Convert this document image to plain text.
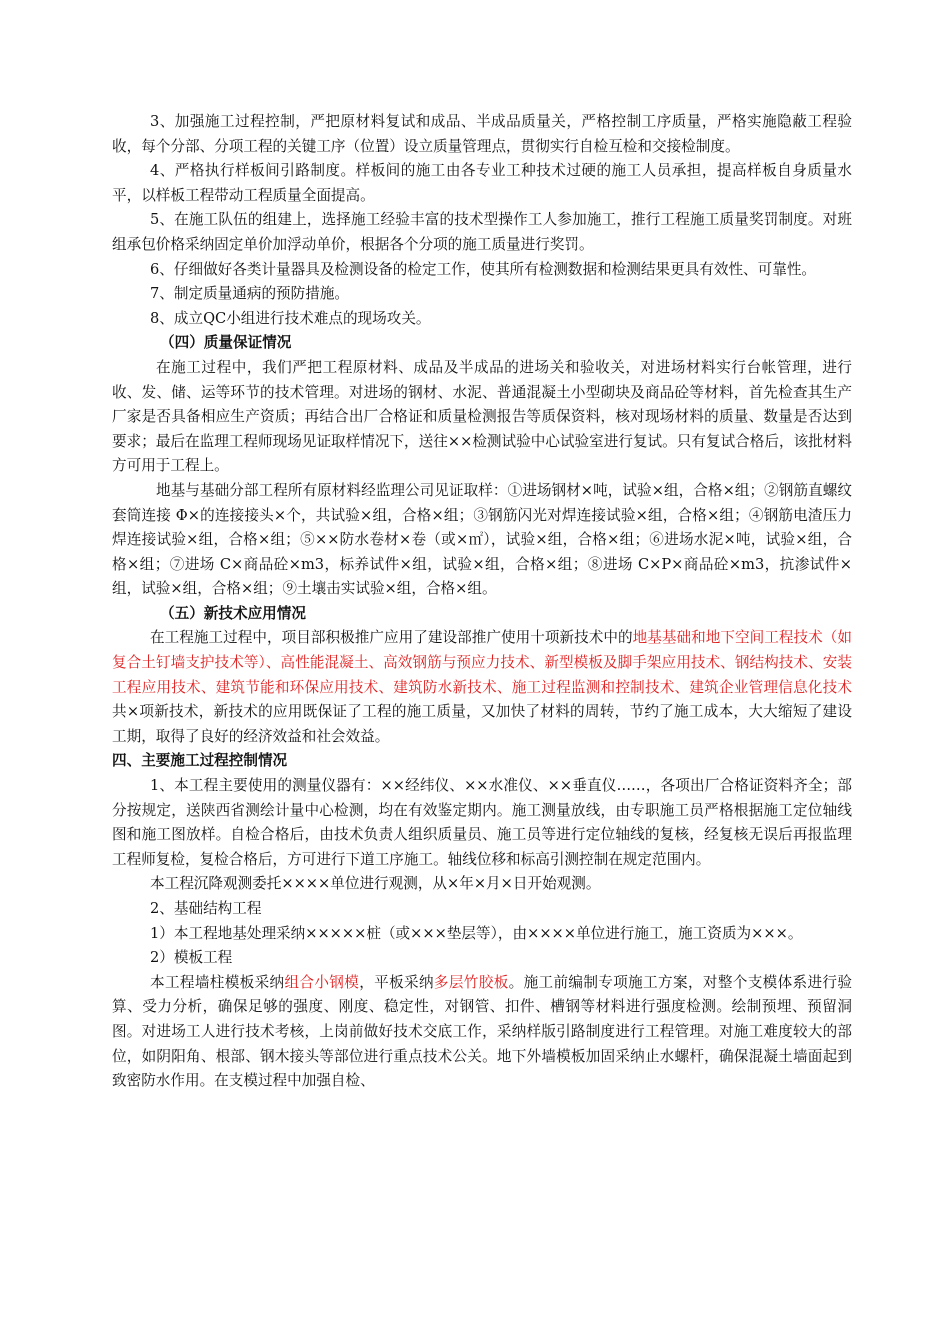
3、加强施工过程控制，严把原材料复试和成品、半成品质量关，严格控制工序质量，严格实施隐蔽工程验收，每个分部、分项工程的关键工序（位置）设立质量管理点，贯彻实行自检互检和交接检制度。

4、严格执行样板间引路制度。样板间的施工由各专业工种技术过硬的施工人员承担，提高样板自身质量水平，以样板工程带动工程质量全面提高。

5、在施工队伍的组建上，选择施工经验丰富的技术型操作工人参加施工，推行工程施工质量奖罚制度。对班组承包价格采纳固定单价加浮动单价，根据各个分项的施工质量进行奖罚。

6、仔细做好各类计量器具及检测设备的检定工作，使其所有检测数据和检测结果更具有效性、可靠性。

7、制定质量通病的预防措施。

8、成立QC小组进行技术难点的现场攻关。

（四）质量保证情况

在施工过程中，我们严把工程原材料、成品及半成品的进场关和验收关，对进场材料实行台帐管理，进行收、发、储、运等环节的技术管理。对进场的钢材、水泥、普通混凝土小型砌块及商品砼等材料，首先检查其生产厂家是否具备相应生产资质；再结合出厂合格证和质量检测报告等质保资料，核对现场材料的质量、数量是否达到要求；最后在监理工程师现场见证取样情况下，送往××检测试验中心试验室进行复试。只有复试合格后，该批材料方可用于工程上。

地基与基础分部工程所有原材料经监理公司见证取样：①进场钢材×吨，试验×组，合格×组；②钢筋直螺纹套筒连接 Φ×的连接接头×个，共试验×组，合格×组；③钢筋闪光对焊连接试验×组，合格×组；④钢筋电渣压力焊连接试验×组，合格×组；⑤××防水卷材×卷（或×㎡），试验×组，合格×组；⑥进场水泥×吨，试验×组，合格×组；⑦进场 C×商品砼×m3，标养试件×组，试验×组，合格×组；⑧进场 C×P×商品砼×m3，抗渗试件×组，试验×组，合格×组；⑨土壤击实试验×组，合格×组。

（五）新技术应用情况

在工程施工过程中，项目部积极推广应用了建设部推广使用十项新技术中的地基基础和地下空间工程技术（如复合土钉墙支护技术等）、高性能混凝土、高效钢筋与预应力技术、新型模板及脚手架应用技术、钢结构技术、安装工程应用技术、建筑节能和环保应用技术、建筑防水新技术、施工过程监测和控制技术、建筑企业管理信息化技术共×项新技术，新技术的应用既保证了工程的施工质量，又加快了材料的周转，节约了施工成本，大大缩短了建设工期，取得了良好的经济效益和社会效益。

四、主要施工过程控制情况

1、本工程主要使用的测量仪器有：××经纬仪、××水准仪、××垂直仪……，各项出厂合格证资料齐全；部分按规定，送陕西省测绘计量中心检测，均在有效鉴定期内。施工测量放线，由专职施工员严格根据施工定位轴线图和施工图放样。自检合格后，由技术负责人组织质量员、施工员等进行定位轴线的复核，经复核无误后再报监理工程师复检，复检合格后，方可进行下道工序施工。轴线位移和标高引测控制在规定范围内。

本工程沉降观测委托××××单位进行观测，从×年×月×日开始观测。

2、基础结构工程

1）本工程地基处理采纳×××××桩（或×××垫层等），由××××单位进行施工，施工资质为×××。

2）模板工程

本工程墙柱模板采纳组合小钢模，平板采纳多层竹胶板。施工前编制专项施工方案，对整个支模体系进行验算、受力分析，确保足够的强度、刚度、稳定性，对钢管、扣件、槽钢等材料进行强度检测。绘制预埋、预留洞图。对进场工人进行技术考核，上岗前做好技术交底工作，采纳样版引路制度进行工程管理。对施工难度较大的部位，如阴阳角、根部、钢木接头等部位进行重点技术公关。地下外墙模板加固采纳止水螺杆，确保混凝土墙面起到致密防水作用。在支模过程中加强自检、
